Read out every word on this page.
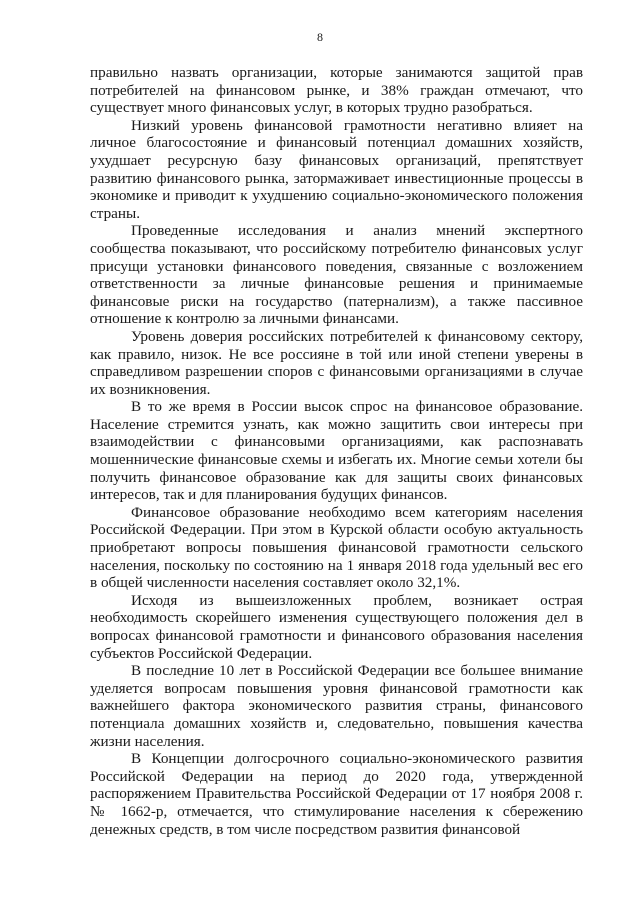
8

правильно назвать организации, которые занимаются защитой прав потребителей на финансовом рынке, и 38% граждан отмечают, что существует много финансовых услуг, в которых трудно разобраться.

Низкий уровень финансовой грамотности негативно влияет на личное благосостояние и финансовый потенциал домашних хозяйств, ухудшает ресурсную базу финансовых организаций, препятствует развитию финансового рынка, затормаживает инвестиционные процессы в экономике и приводит к ухудшению социально-экономического положения страны.

Проведенные исследования и анализ мнений экспертного сообщества показывают, что российскому потребителю финансовых услуг присущи установки финансового поведения, связанные с возложением ответственности за личные финансовые решения и принимаемые финансовые риски на государство (патернализм), а также пассивное отношение к контролю за личными финансами.

Уровень доверия российских потребителей к финансовому сектору, как правило, низок. Не все россияне в той или иной степени уверены в справедливом разрешении споров с финансовыми организациями в случае их возникновения.

В то же время в России высок спрос на финансовое образование. Население стремится узнать, как можно защитить свои интересы при взаимодействии с финансовыми организациями, как распознавать мошеннические финансовые схемы и избегать их. Многие семьи хотели бы получить финансовое образование как для защиты своих финансовых интересов, так и для планирования будущих финансов.

Финансовое образование необходимо всем категориям населения Российской Федерации. При этом в Курской области особую актуальность приобретают вопросы повышения финансовой грамотности сельского населения, поскольку по состоянию на 1 января 2018 года удельный вес его в общей численности населения составляет около 32,1%.

Исходя из вышеизложенных проблем, возникает острая необходимость скорейшего изменения существующего положения дел в вопросах финансовой грамотности и финансового образования населения субъектов Российской Федерации.

В последние 10 лет в Российской Федерации все большее внимание уделяется вопросам повышения уровня финансовой грамотности как важнейшего фактора экономического развития страны, финансового потенциала домашних хозяйств и, следовательно, повышения качества жизни населения.

В Концепции долгосрочного социально-экономического развития Российской Федерации на период до 2020 года, утвержденной распоряжением Правительства Российской Федерации от 17 ноября 2008 г. № 1662-р, отмечается, что стимулирование населения к сбережению денежных средств, в том числе посредством развития финансовой
